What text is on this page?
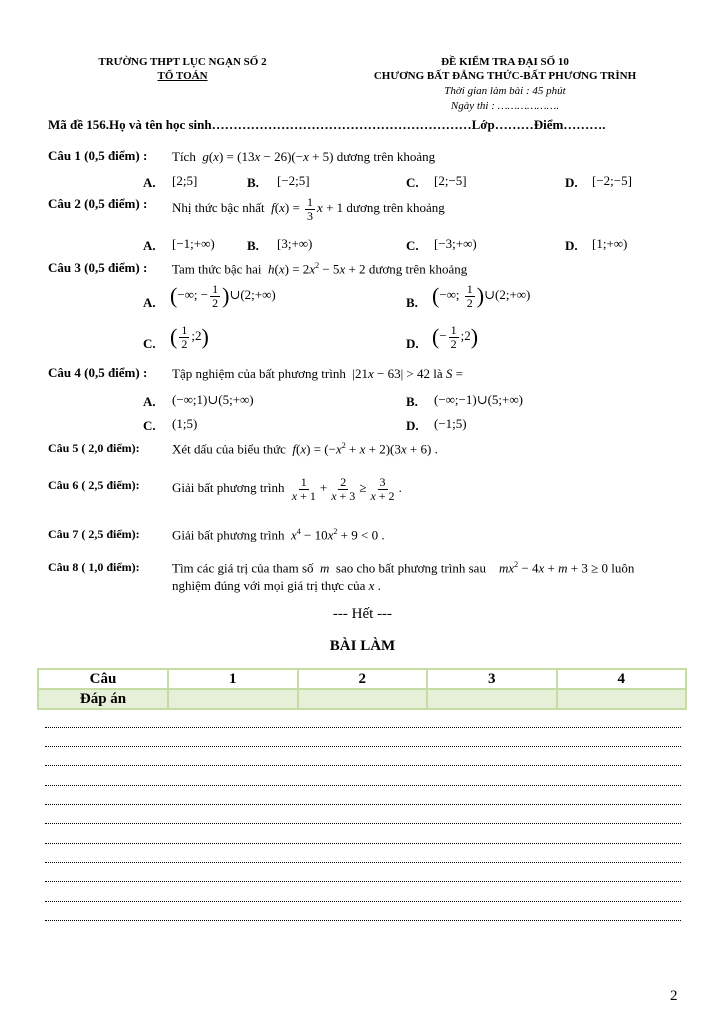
TRƯỜNG THPT LỤC NGẠN SỐ 2
TỔ TOÁN
ĐỀ KIỂM TRA ĐẠI SỐ 10
CHƯƠNG BẤT ĐẲNG THỨC-BẤT PHƯƠNG TRÌNH
Thời gian làm bài : 45 phút
Ngày thi : ……………….
Mã đề 156.Họ và tên học sinh……………………………………………………Lớp………Điểm……….
Câu 1 (0,5 điểm) : Tích  g(x) = (13x − 26)(−x + 5) dương trên khoảng
A. [2;5]	B. [−2;5]	C. [2;−5]	D. [−2;−5]
Câu 2 (0,5 điểm) : Nhị thức bậc nhất  $f(x) = \frac{1}{3}$ x + 1 dương trên khoảng
A. [−1;+∞) B. [3;+∞)	C. [−3;+∞)	D. [1;+∞)
Câu 3 (0,5 điểm) : Tam thức bậc hai  $h(x) = 2x^2 - 5x + 2$ dương trên khoảng
A. (−∞; − $\frac{1}{2}$ )∪(2;+∞)
B. (−∞; $\frac{1}{2}$ )∪(2;+∞)
C. ( $\frac{1}{2}$ ;2)	D. (− $\frac{1}{2}$ ;2)
Câu 4 (0,5 điểm) : Tập nghiệm của bất phương trình  |21x − 63| > 42 là S =
A. (−∞;1)∪(5;+∞)	B. (−∞;−1)∪(5;+∞)
C. (1;5)	D. (−1;5)
Câu 5 ( 2,0 điểm): Xét dấu của biểu thức  $f(x) = (-x^2 + x + 2)(3x + 6)$ .
Câu 6 ( 2,5 điểm): Giải bất phương trình $\frac{1}{x + 1} + \frac{2}{x + 3} \ge \frac{3}{x + 2}$ .
Câu 7 ( 2,5 điểm): Giải bất phương trình  $x^4 - 10x^2 + 9 < 0$ .
Câu 8 ( 1,0 điểm): Tìm các giá trị của tham số  m  sao cho bất phương trình sau    $mx^2 - 4x + m + 3 \ge 0$ luôn
nghiệm đúng với mọi giá trị thực của x .
--- Hết ---
BÀI LÀM
Câu	1	2	3	4
Đáp án				
2
